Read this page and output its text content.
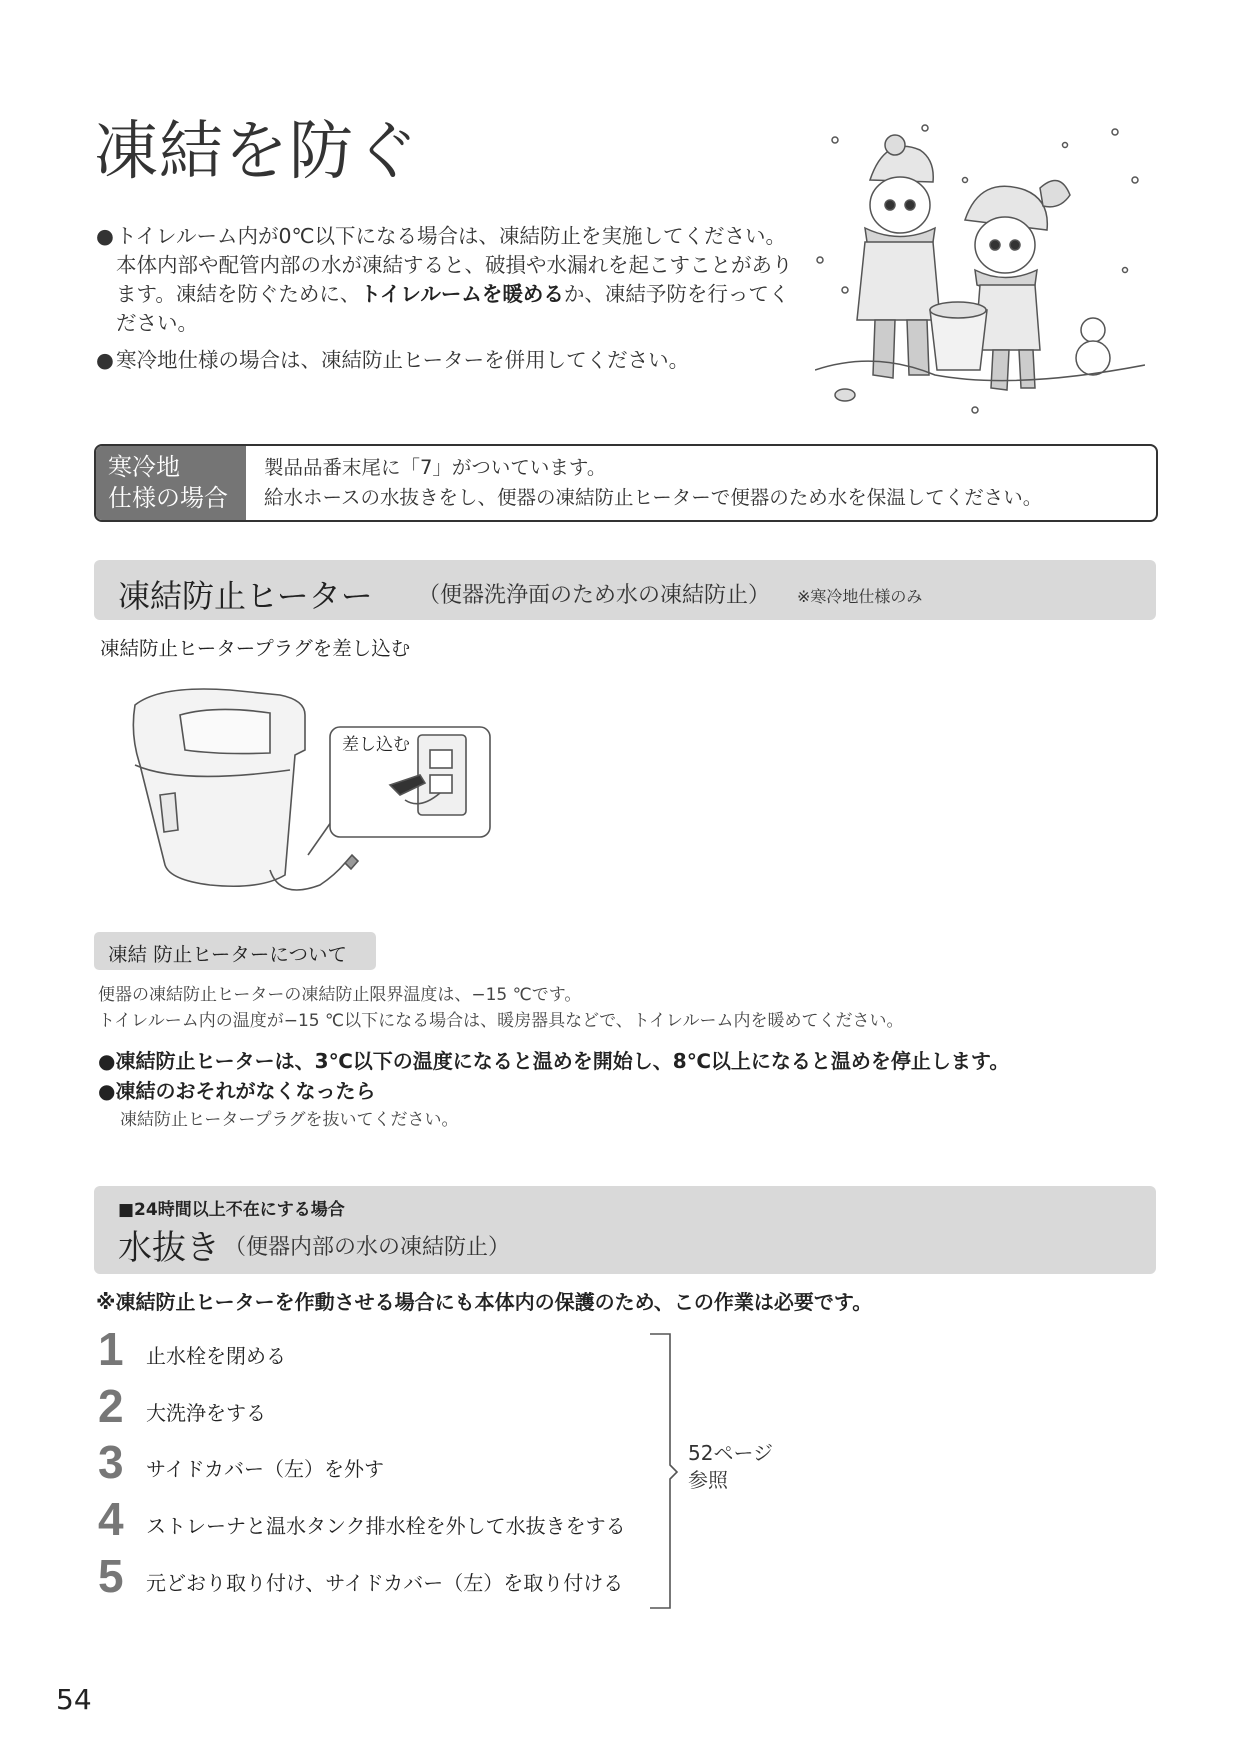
凍結を防ぐ
● トイレルーム内が0℃以下になる場合は、凍結防止を実施してください。本体内部や配管内部の水が凍結すると、破損や水漏れを起こすことがあります。凍結を防ぐために、トイレルームを暖めるか、凍結予防を行ってください。
● 寒冷地仕様の場合は、凍結防止ヒーターを併用してください。
寒冷地
仕様の場合
製品品番末尾に「7」がついています。
給水ホースの水抜きをし、便器の凍結防止ヒーターで便器のため水を保温してください。
凍結防止ヒーター （便器洗浄面のため水の凍結防止） ※寒冷地仕様のみ
凍結防止ヒータープラグを差し込む
差し込む
凍結 防止ヒーターについて
便器の凍結防止ヒーターの凍結防止限界温度は、−15 ℃です。
トイレルーム内の温度が−15 ℃以下になる場合は、暖房器具などで、トイレルーム内を暖めてください。
●凍結防止ヒーターは、3℃以下の温度になると温めを開始し、8℃以上になると温めを停止します。
●凍結のおそれがなくなったら
凍結防止ヒータープラグを抜いてください。
■24時間以上不在にする場合
水抜き （便器内部の水の凍結防止）
※凍結防止ヒーターを作動させる場合にも本体内の保護のため、この作業は必要です。
1 止水栓を閉める
2 大洗浄をする
3 サイドカバー（左）を外す
4 ストレーナと温水タンク排水栓を外して水抜きをする
5 元どおり取り付け、サイドカバー（左）を取り付ける
52ページ
参照
54
